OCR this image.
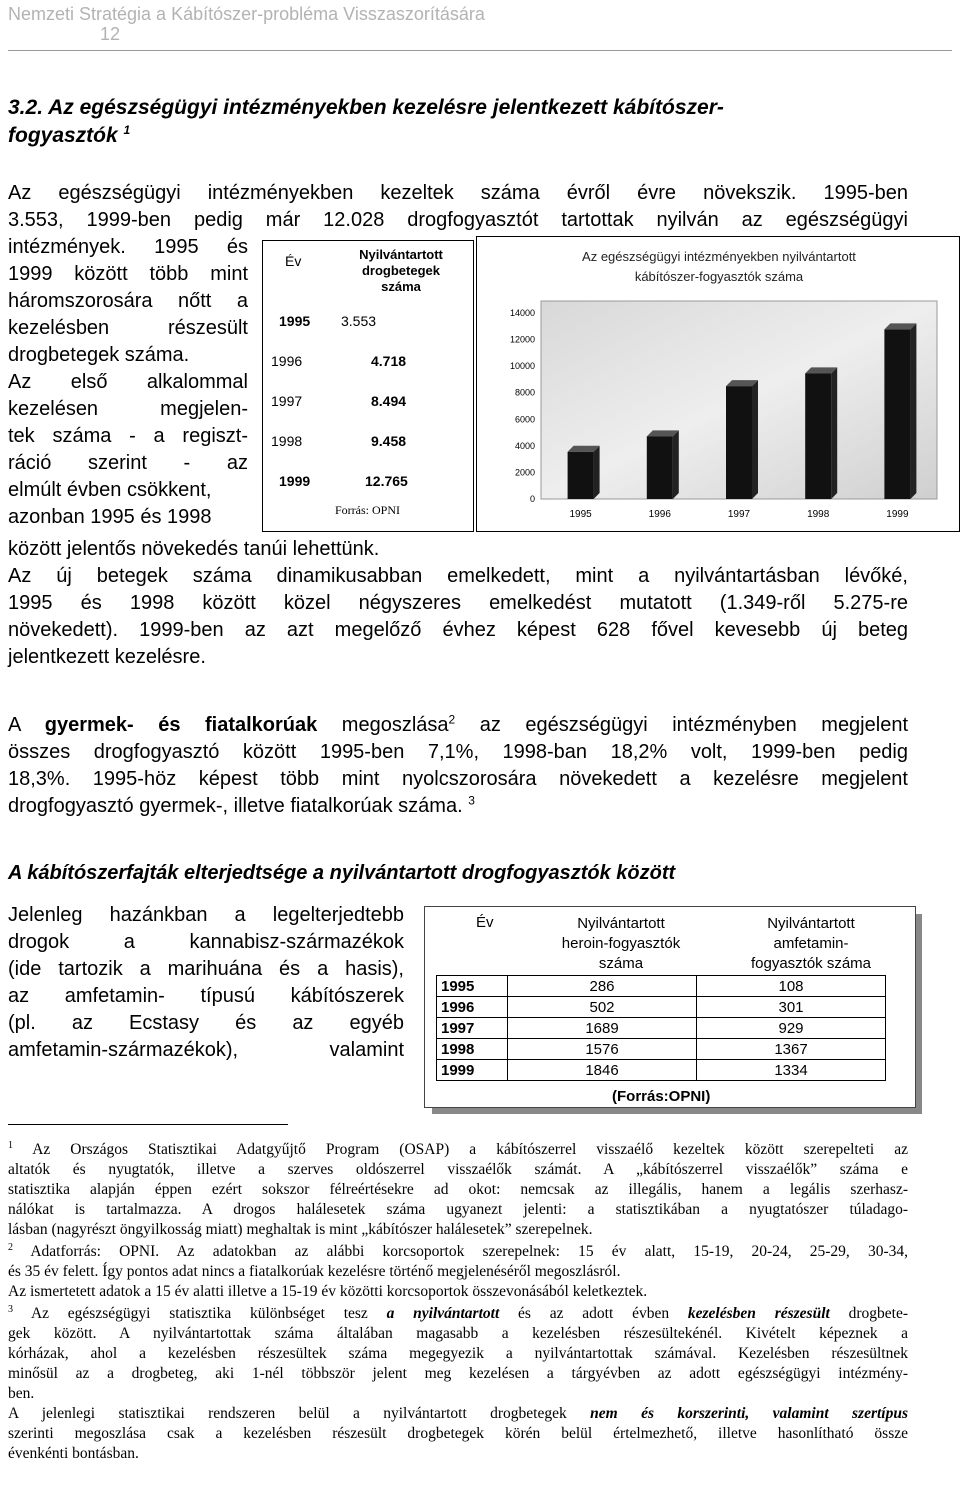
Nemzeti Stratégia a Kábítószer-probléma Visszaszorítására
12
3.2. Az egészségügyi intézményekben kezelésre jelentkezett kábítószer-
fogyasztók $^1$
Az egészségügyi intézményekben kezeltek száma évről évre növekszik. 1995-ben
3.553, 1999-ben pedig már 12.028 drogfogyasztót tartottak nyilván az egészségügyi
intézmények. 1995 és
1999 között több mint
háromszorosára nőtt a
kezelésben részesült
drogbetegek száma.
Az első alkalommal
kezelésen megjelen-
tek száma - a regiszt-
ráció szerint - az
elmúlt évben csökkent,
azonban 1995 és 1998
Év	Nyilvántartott drogbetegek száma
1995 3.553
1996	4.718
1997	8.494
1998	9.458
1999	12.765
Forrás: OPNI
Az egészségügyi intézményekben nyilvántartott
kábítószer-fogyasztók száma
0
2000
4000
6000
8000
10000
12000
14000
1995	1996	1997	1998	1999
között jelentős növekedés tanúi lehettünk.
Az új betegek száma dinamikusabban emelkedett, mint a nyilvántartásban lévőké,
1995 és 1998 között közel négyszeres emelkedést mutatott (1.349-ről 5.275-re
növekedett). 1999-ben az azt megelőző évhez képest 628 fővel kevesebb új beteg
jelentkezett kezelésre.
A gyermek- és fiatalkorúak megoszlása$^2$ az egészségügyi intézményben megjelent
összes drogfogyasztó között 1995-ben 7,1%, 1998-ban 18,2% volt, 1999-ben pedig
18,3%. 1995-höz képest több mint nyolcszorosára növekedett a kezelésre megjelent
drogfogyasztó gyermek-, illetve fiatalkorúak száma. $^3$
A kábítószerfajták elterjedtsége a nyilvántartott drogfogyasztók között
Jelenleg hazánkban a legelterjedtebb
drogok a kannabisz-származékok
(ide tartozik a marihuána és a hasis),
az amfetamin- típusú kábítószerek
(pl. az Ecstasy és az egyéb
amfetamin-származékok), valamint
Év	Nyilvántartott
heroin-fogyasztók
száma
Nyilvántartott
amfetamin-
fogyasztók száma
1995	286	108
1996	502	301
1997	1689	929
1998	1576	1367
1999	1846	1334
(Forrás:OPNI)
$^1$ Az Országos Statisztikai Adatgyűjtő Program (OSAP) a kábítószerrel visszaélő kezeltek között szerepelteti az
altatók és nyugtatók, illetve a szerves oldószerrel visszaélők számát. A „kábítószerrel visszaélők” száma e
statisztika alapján éppen ezért sokszor félreértésekre ad okot: nemcsak az illegális, hanem a legális szerhasz-
nálókat is tartalmazza. A drogos halálesetek száma ugyanezt jelenti: a statisztikában a nyugtatószer túladago-
lásban (nagyrészt öngyilkosság miatt) meghaltak is mint „kábítószer halálesetek” szerepelnek.
$^2$ Adatforrás: OPNI. Az adatokban az alábbi korcsoportok szerepelnek: 15 év alatt, 15-19, 20-24, 25-29, 30-34,
és 35 év felett. Így pontos adat nincs a fiatalkorúak kezelésre történő megjelenéséről megoszlásról.
Az ismertetett adatok a 15 év alatti illetve a 15-19 év közötti korcsoportok összevonásából keletkeztek.
$^3$ Az egészségügyi statisztika különbséget tesz a nyilvántartott és az adott évben kezelésben részesült drogbete-
gek között. A nyilvántartottak száma általában magasabb a kezelésben részesültekénél. Kivételt képeznek a
kórházak, ahol a kezelésben részesültek száma megegyezik a nyilvántartottak számával. Kezelésben részesültnek
minősül az a drogbeteg, aki 1-nél többször jelent meg kezelésen a tárgyévben az adott egészségügyi intézmény-
ben.
A jelenlegi statisztikai rendszeren belül a nyilvántartott drogbetegek nem és korszerinti, valamint szertípus
szerinti megoszlása csak a kezelésben részesült drogbetegek körén belül értelmezhető, illetve hasonlítható össze
évenkénti bontásban.
